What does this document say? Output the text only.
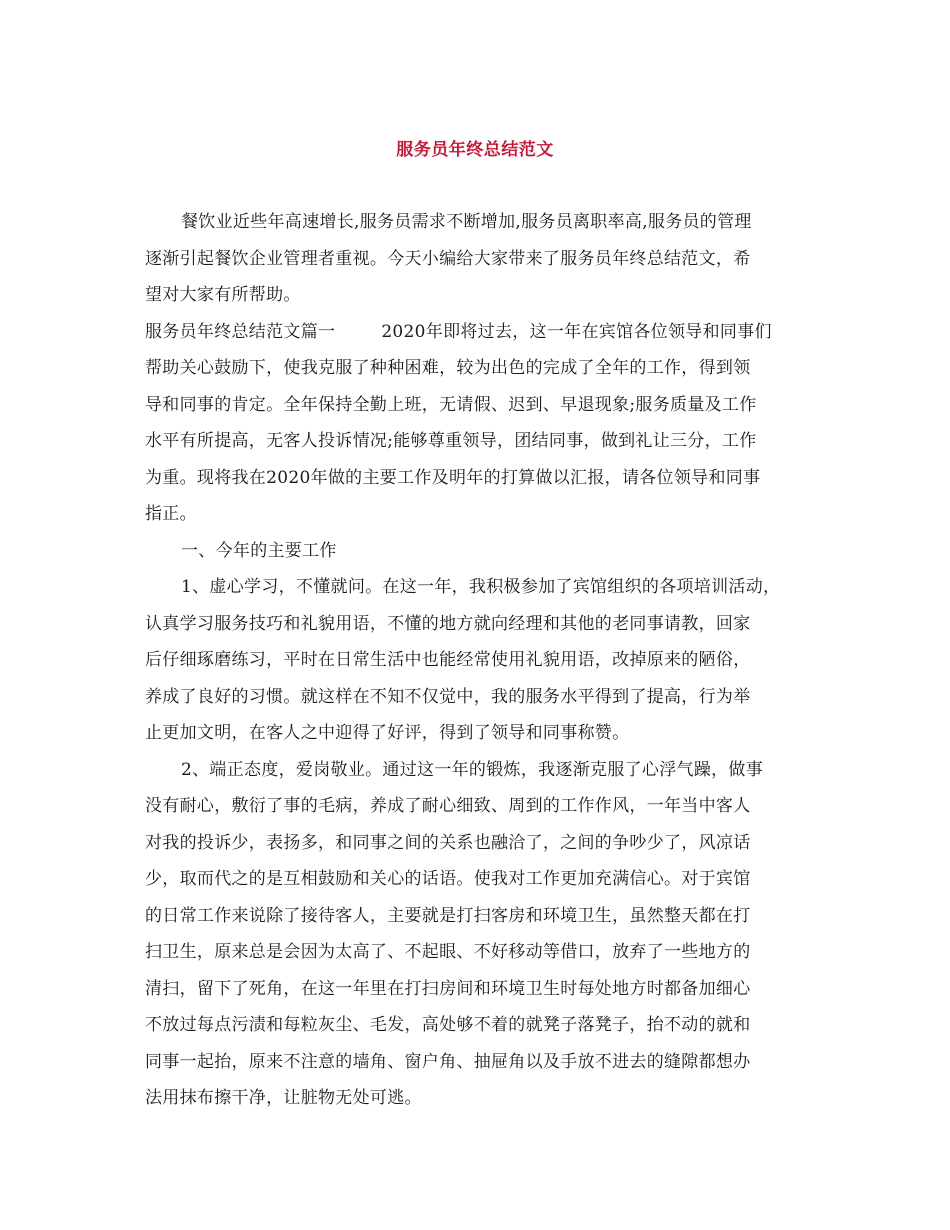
服务员年终总结范文
餐饮业近些年高速增长,服务员需求不断增加,服务员离职率高,服务员的管理
逐渐引起餐饮企业管理者重视。今天小编给大家带来了服务员年终总结范文，希
望对大家有所帮助。
服务员年终总结范文篇一	2020年即将过去，这一年在宾馆各位领导和同事们
帮助关心鼓励下，使我克服了种种困难，较为出色的完成了全年的工作，得到领
导和同事的肯定。全年保持全勤上班，无请假、迟到、早退现象;服务质量及工作
水平有所提高，无客人投诉情况;能够尊重领导，团结同事，做到礼让三分，工作
为重。现将我在2020年做的主要工作及明年的打算做以汇报，请各位领导和同事
指正。
一、今年的主要工作
1、虚心学习，不懂就问。在这一年，我积极参加了宾馆组织的各项培训活动，
认真学习服务技巧和礼貌用语，不懂的地方就向经理和其他的老同事请教，回家
后仔细琢磨练习，平时在日常生活中也能经常使用礼貌用语，改掉原来的陋俗，
养成了良好的习惯。就这样在不知不仅觉中，我的服务水平得到了提高，行为举
止更加文明，在客人之中迎得了好评，得到了领导和同事称赞。
2、端正态度，爱岗敬业。通过这一年的锻炼，我逐渐克服了心浮气躁，做事
没有耐心，敷衍了事的毛病，养成了耐心细致、周到的工作作风，一年当中客人
对我的投诉少，表扬多，和同事之间的关系也融洽了，之间的争吵少了，风凉话
少，取而代之的是互相鼓励和关心的话语。使我对工作更加充满信心。对于宾馆
的日常工作来说除了接待客人，主要就是打扫客房和环境卫生，虽然整天都在打
扫卫生，原来总是会因为太高了、不起眼、不好移动等借口，放弃了一些地方的
清扫，留下了死角，在这一年里在打扫房间和环境卫生时每处地方时都备加细心
不放过每点污渍和每粒灰尘、毛发，高处够不着的就凳子落凳子，抬不动的就和
同事一起抬，原来不注意的墙角、窗户角、抽屉角以及手放不进去的缝隙都想办
法用抹布擦干净，让脏物无处可逃。
